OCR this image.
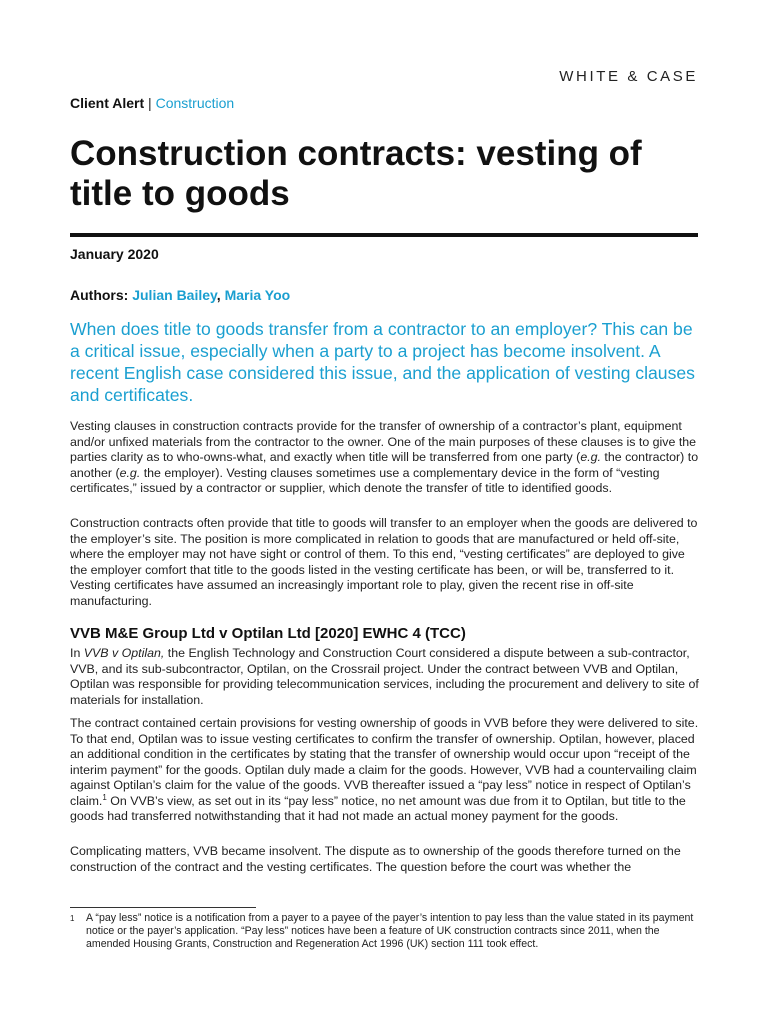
WHITE & CASE
Client Alert | Construction
Construction contracts: vesting of title to goods
January 2020
Authors: Julian Bailey, Maria Yoo

When does title to goods transfer from a contractor to an employer? This can be a critical issue, especially when a party to a project has become insolvent. A recent English case considered this issue, and the application of vesting clauses and certificates.

Vesting clauses in construction contracts provide for the transfer of ownership of a contractor’s plant, equipment and/or unfixed materials from the contractor to the owner. One of the main purposes of these clauses is to give the parties clarity as to who-owns-what, and exactly when title will be transferred from one party (e.g. the contractor) to another (e.g. the employer). Vesting clauses sometimes use a complementary device in the form of “vesting certificates,” issued by a contractor or supplier, which denote the transfer of title to identified goods.

Construction contracts often provide that title to goods will transfer to an employer when the goods are delivered to the employer’s site. The position is more complicated in relation to goods that are manufactured or held off-site, where the employer may not have sight or control of them. To this end, “vesting certificates” are deployed to give the employer comfort that title to the goods listed in the vesting certificate has been, or will be, transferred to it. Vesting certificates have assumed an increasingly important role to play, given the recent rise in off-site manufacturing.

VVB M&E Group Ltd v Optilan Ltd [2020] EWHC 4 (TCC)

In VVB v Optilan, the English Technology and Construction Court considered a dispute between a sub-contractor, VVB, and its sub-subcontractor, Optilan, on the Crossrail project. Under the contract between VVB and Optilan, Optilan was responsible for providing telecommunication services, including the procurement and delivery to site of materials for installation.

The contract contained certain provisions for vesting ownership of goods in VVB before they were delivered to site. To that end, Optilan was to issue vesting certificates to confirm the transfer of ownership. Optilan, however, placed an additional condition in the certificates by stating that the transfer of ownership would occur upon “receipt of the interim payment” for the goods. Optilan duly made a claim for the goods. However, VVB had a countervailing claim against Optilan’s claim for the value of the goods. VVB thereafter issued a “pay less” notice in respect of Optilan’s claim.$^1$ On VVB’s view, as set out in its “pay less” notice, no net amount was due from it to Optilan, but title to the goods had transferred notwithstanding that it had not made an actual money payment for the goods.

Complicating matters, VVB became insolvent. The dispute as to ownership of the goods therefore turned on the construction of the contract and the vesting certificates. The question before the court was whether the

1 A “pay less” notice is a notification from a payer to a payee of the payer’s intention to pay less than the value stated in its payment notice or the payer’s application. “Pay less” notices have been a feature of UK construction contracts since 2011, when the amended Housing Grants, Construction and Regeneration Act 1996 (UK) section 111 took effect.
